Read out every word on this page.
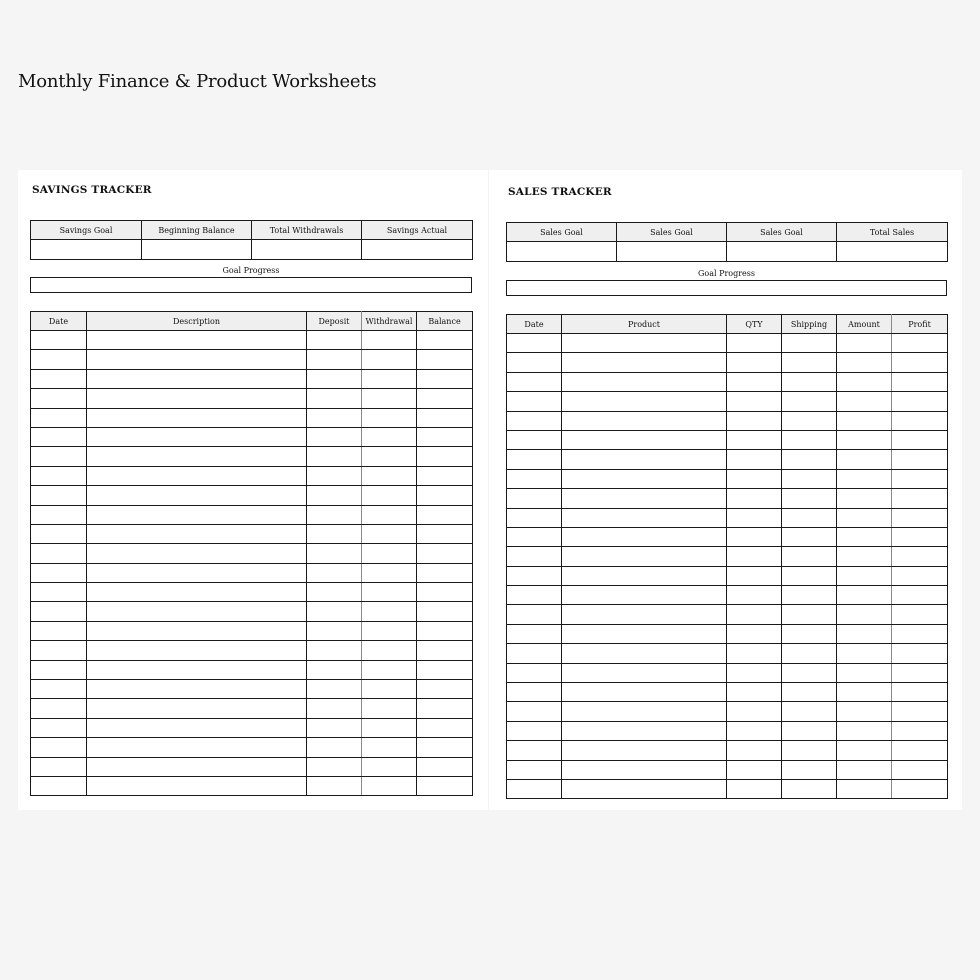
Monthly Finance & Product Worksheets
SAVINGS TRACKER
Savings Goal	Beginning Balance	Total Withdrawals	Savings Actual

Goal Progress
Date	Description	Deposit	Withdrawal	Balance

SALES TRACKER
Sales Goal	Sales Goal	Sales Goal	Total Sales

Goal Progress
Date	Product	QTY	Shipping	Amount	Profit
